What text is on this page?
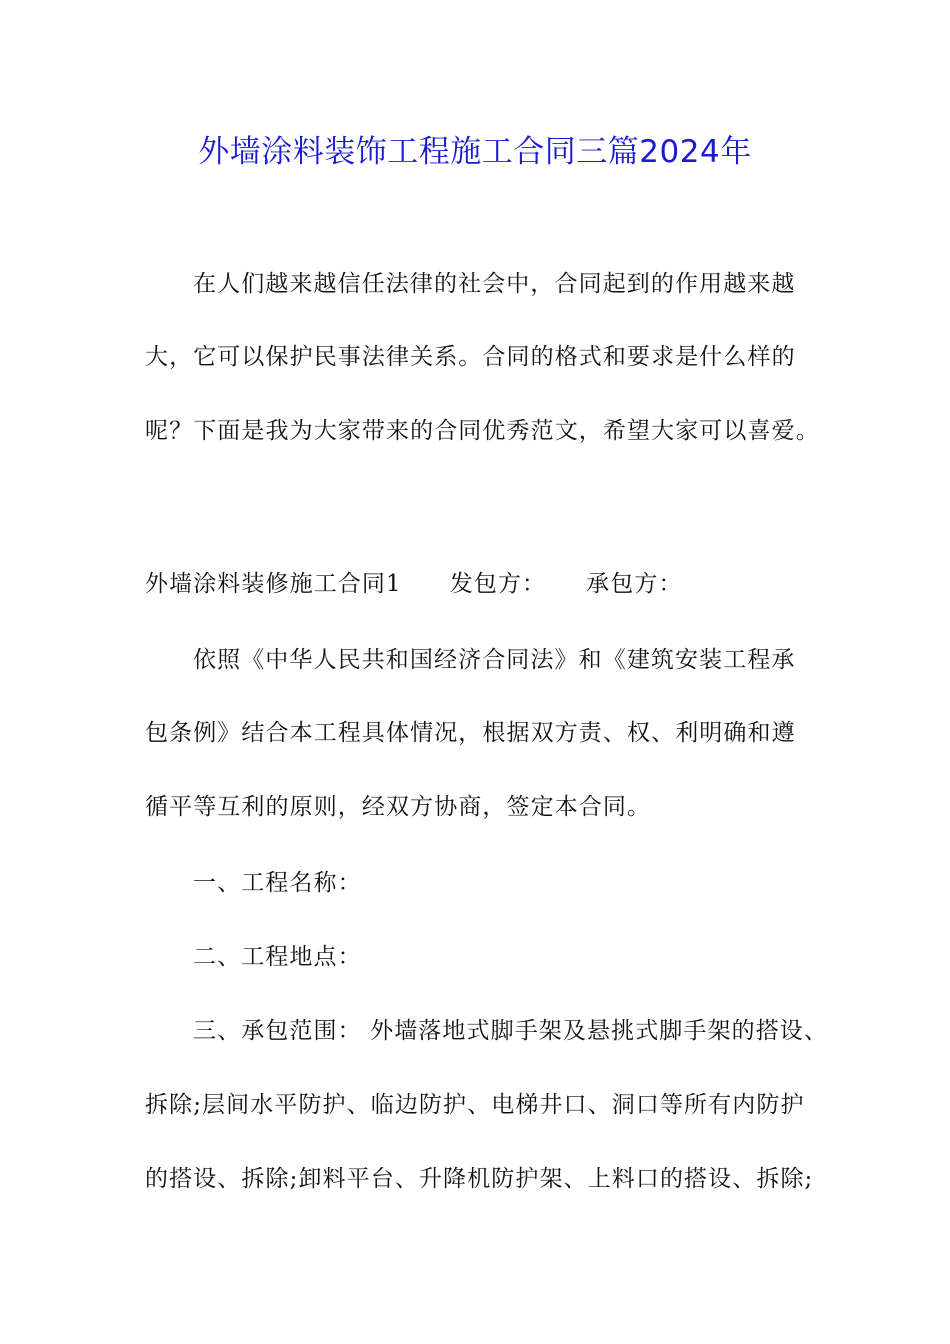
外墙涂料装饰工程施工合同三篇2024年
在人们越来越信任法律的社会中，合同起到的作用越来越
大，它可以保护民事法律关系。合同的格式和要求是什么样的
呢？下面是我为大家带来的合同优秀范文，希望大家可以喜爱。
外墙涂料装修施工合同1 发包方： 承包方：
依照《中华人民共和国经济合同法》和《建筑安装工程承
包条例》结合本工程具体情况，根据双方责、权、利明确和遵
循平等互利的原则，经双方协商，签定本合同。
一、工程名称：
二、工程地点：
三、承包范围： 外墙落地式脚手架及悬挑式脚手架的搭设、
拆除;层间水平防护、临边防护、电梯井口、洞口等所有内防护
的搭设、拆除;卸料平台、升降机防护架、上料口的搭设、拆除;
